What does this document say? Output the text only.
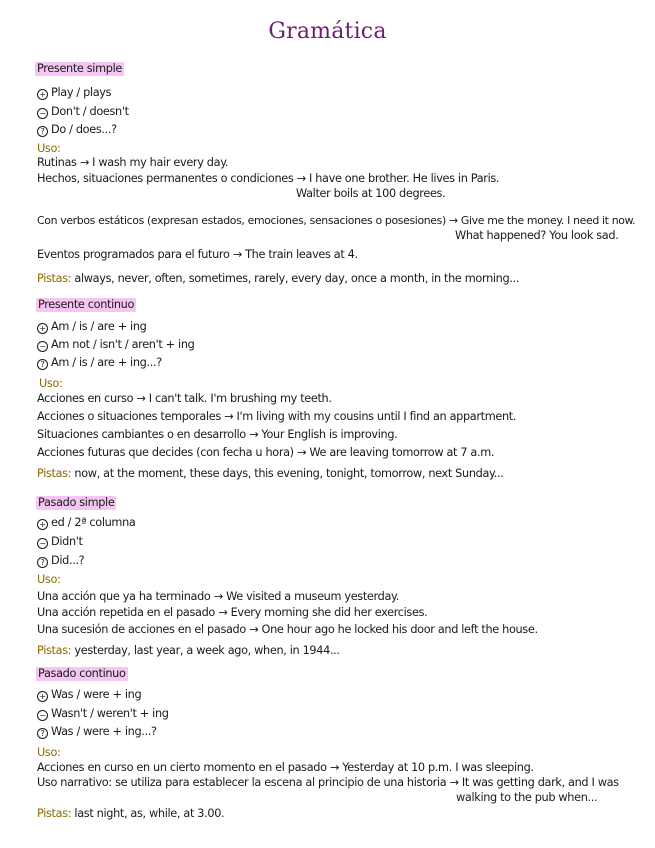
Gramática
Presente simple
+ Play / plays
− Don't / doesn't
? Do / does...?
Uso:
Rutinas → I wash my hair every day.
Hechos, situaciones permanentes o condiciones → I have one brother. He lives in Paris.
Walter boils at 100 degrees.
Con verbos estáticos (expresan estados, emociones, sensaciones o posesiones) → Give me the money. I need it now.
What happened? You look sad.
Eventos programados para el futuro → The train leaves at 4.
Pistas: always, never, often, sometimes, rarely, every day, once a month, in the morning...
Presente continuo
+ Am / is / are + ing
− Am not / isn't / aren't + ing
? Am / is / are + ing...?
Uso:
Acciones en curso → I can't talk. I'm brushing my teeth.
Acciones o situaciones temporales → I'm living with my cousins until I find an appartment.
Situaciones cambiantes o en desarrollo → Your English is improving.
Acciones futuras que decides (con fecha u hora) → We are leaving tomorrow at 7 a.m.
Pistas: now, at the moment, these days, this evening, tonight, tomorrow, next Sunday...
Pasado simple
+ ed / 2ª columna
− Didn't
? Did...?
Uso:
Una acción que ya ha terminado → We visited a museum yesterday.
Una acción repetida en el pasado → Every morning she did her exercises.
Una sucesión de acciones en el pasado → One hour ago he locked his door and left the house.
Pistas: yesterday, last year, a week ago, when, in 1944...
Pasado continuo
+ Was / were + ing
− Wasn't / weren't + ing
? Was / were + ing...?
Uso:
Acciones en curso en un cierto momento en el pasado → Yesterday at 10 p.m. I was sleeping.
Uso narrativo: se utiliza para establecer la escena al principio de una historia → It was getting dark, and I was
walking to the pub when...
Pistas: last night, as, while, at 3.00.
